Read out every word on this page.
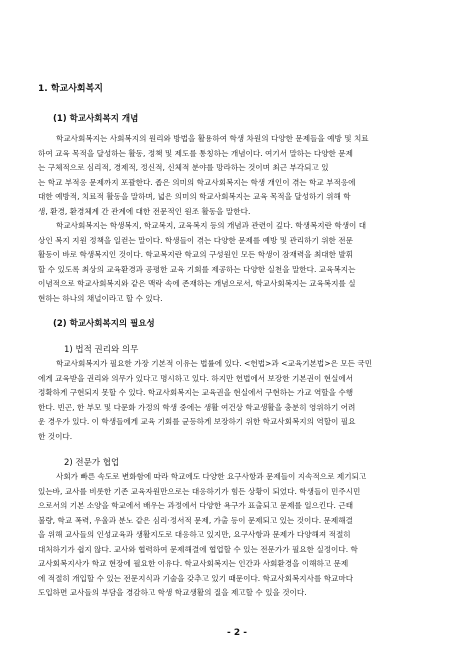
1. 학교사회복지
(1) 학교사회복지 개념

학교사회복지는 사회복지의 원리와 방법을 활용하여 학생 차원의 다양한 문제들을 예방 및 치료

하여 교육 목적을 달성하는 활동, 정책 및 제도를 통칭하는 개념이다. 여기서 말하는 다양한 문제

는 구체적으로 심리적, 경제적, 정신적, 신체적 분야를 망라하는 것이며 최근 부각되고 있

는 학교 부적응 문제까지 포괄한다. 좁은 의미의 학교사회복지는 학생 개인이 겪는 학교 부적응에

대한 예방적, 치료적 활동을 말하며, 넓은 의미의 학교사회복지는 교육 목적을 달성하기 위해 학

생, 환경, 환경체계 간 관계에 대한 전문적인 원조 활동을 말한다.

학교사회복지는 학생복지, 학교복지, 교육복지 등의 개념과 관련이 깊다. 학생복지란 학생이 대

상인 복지 지원 정책을 일컫는 말이다. 학생들이 겪는 다양한 문제를 예방 및 관리하기 위한 전문

활동이 바로 학생복지인 것이다. 학교복지란 학교의 구성원인 모든 학생이 잠재력을 최대한 발휘

할 수 있도록 최상의 교육환경과 공평한 교육 기회를 제공하는 다양한 실천을 말한다. 교육복지는

이념적으로 학교사회복지와 같은 맥락 속에 존재하는 개념으로서, 학교사회복지는 교육복지를 실

현하는 하나의 채널이라고 할 수 있다.

(2) 학교사회복지의 필요성
1) 법적 권리와 의무

학교사회복지가 필요한 가장 기본적 이유는 법률에 있다. <헌법>과 <교육기본법>은 모든 국민

에게 교육받을 권리와 의무가 있다고 명시하고 있다. 하지만 헌법에서 보장한 기본권이 현실에서

정확하게 구현되지 못할 수 있다. 학교사회복지는 교육권을 현실에서 구현하는 가교 역할을 수행

한다. 빈곤, 한 부모 및 다문화 가정의 학생 중에는 생활 여건상 학교생활을 충분히 영위하기 어려

운 경우가 있다. 이 학생들에게 교육 기회를 균등하게 보장하기 위한 학교사회복지의 역할이 필요

한 것이다.

2) 전문가 협업

사회가 빠른 속도로 변화함에 따라 학교에도 다양한 요구사항과 문제들이 지속적으로 제기되고

있는바, 교사를 비롯한 기존 교육자원만으로는 대응하기가 힘든 상황이 되었다. 학생들이 민주시민

으로서의 기본 소양을 학교에서 배우는 과정에서 다양한 욕구가 표출되고 문제를 일으킨다. 근태

불량, 학교 폭력, 우울과 분노 같은 심리·정서적 문제, 가출 등이 문제되고 있는 것이다. 문제해결

을 위해 교사들의 인성교육과 생활지도로 대응하고 있지만, 요구사항과 문제가 다양해져 적절히

대처하기가 쉽지 않다. 교사와 협력하여 문제해결에 협업할 수 있는 전문가가 필요한 실정이다. 학

교사회복지사가 학교 현장에 필요한 이유다. 학교사회복지는 인간과 사회환경을 이해하고 문제

에 적절히 개입할 수 있는 전문지식과 기술을 갖추고 있기 때문이다. 학교사회복지사를 학교마다

도입하면 교사들의 부담을 경감하고 학생 학교생활의 질을 제고할 수 있을 것이다.

- 2 -
